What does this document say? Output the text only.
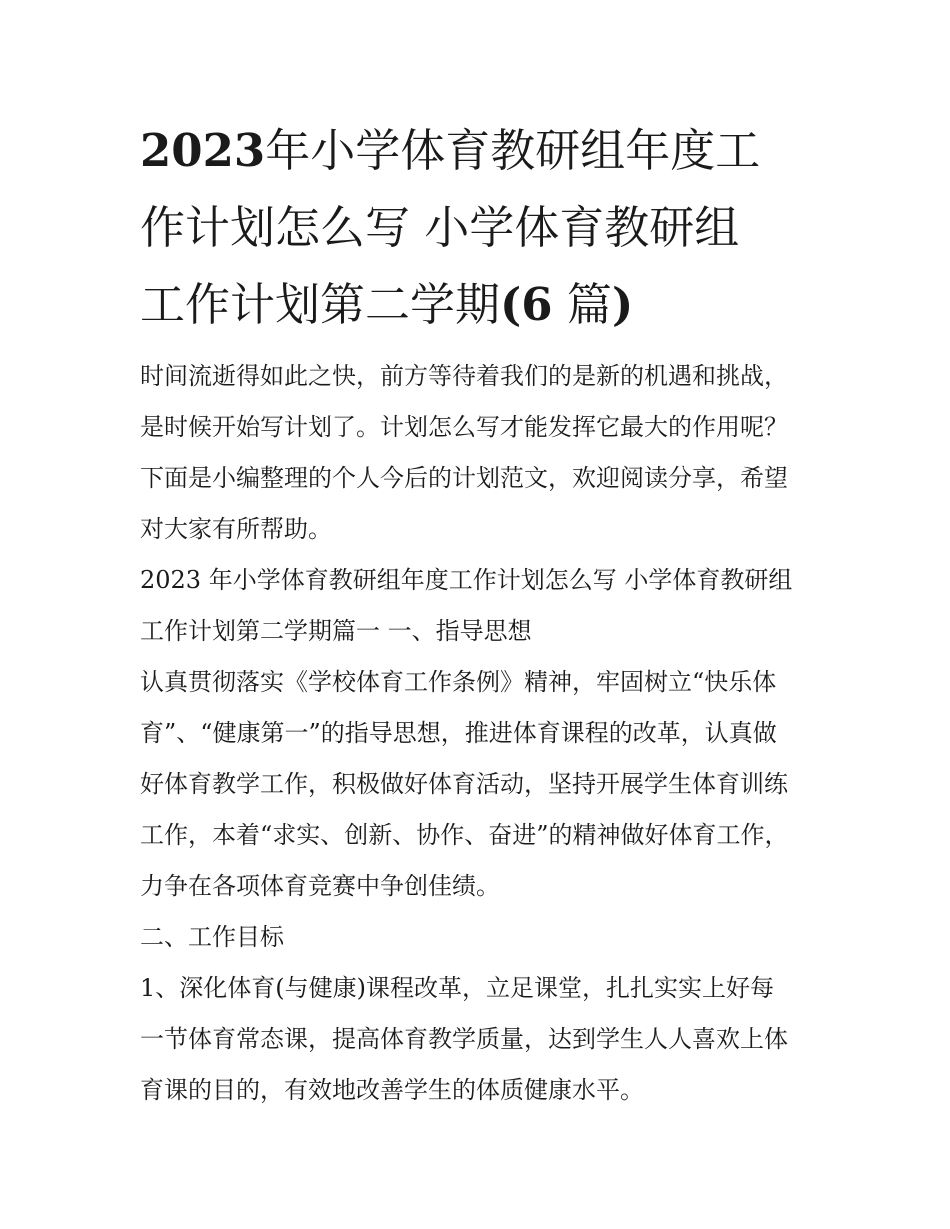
2023年小学体育教研组年度工
作计划怎么写 小学体育教研组
工作计划第二学期(6 篇)

时间流逝得如此之快，前方等待着我们的是新的机遇和挑战，
是时候开始写计划了。计划怎么写才能发挥它最大的作用呢？
下面是小编整理的个人今后的计划范文，欢迎阅读分享，希望
对大家有所帮助。

2023 年小学体育教研组年度工作计划怎么写 小学体育教研组
工作计划第二学期篇一 一、指导思想

认真贯彻落实《学校体育工作条例》精神，牢固树立“快乐体
育”、“健康第一”的指导思想，推进体育课程的改革，认真做
好体育教学工作，积极做好体育活动，坚持开展学生体育训练
工作，本着“求实、创新、协作、奋进”的精神做好体育工作，
力争在各项体育竞赛中争创佳绩。

二、工作目标

1、深化体育(与健康)课程改革，立足课堂，扎扎实实上好每
一节体育常态课，提高体育教学质量，达到学生人人喜欢上体
育课的目的，有效地改善学生的体质健康水平。
